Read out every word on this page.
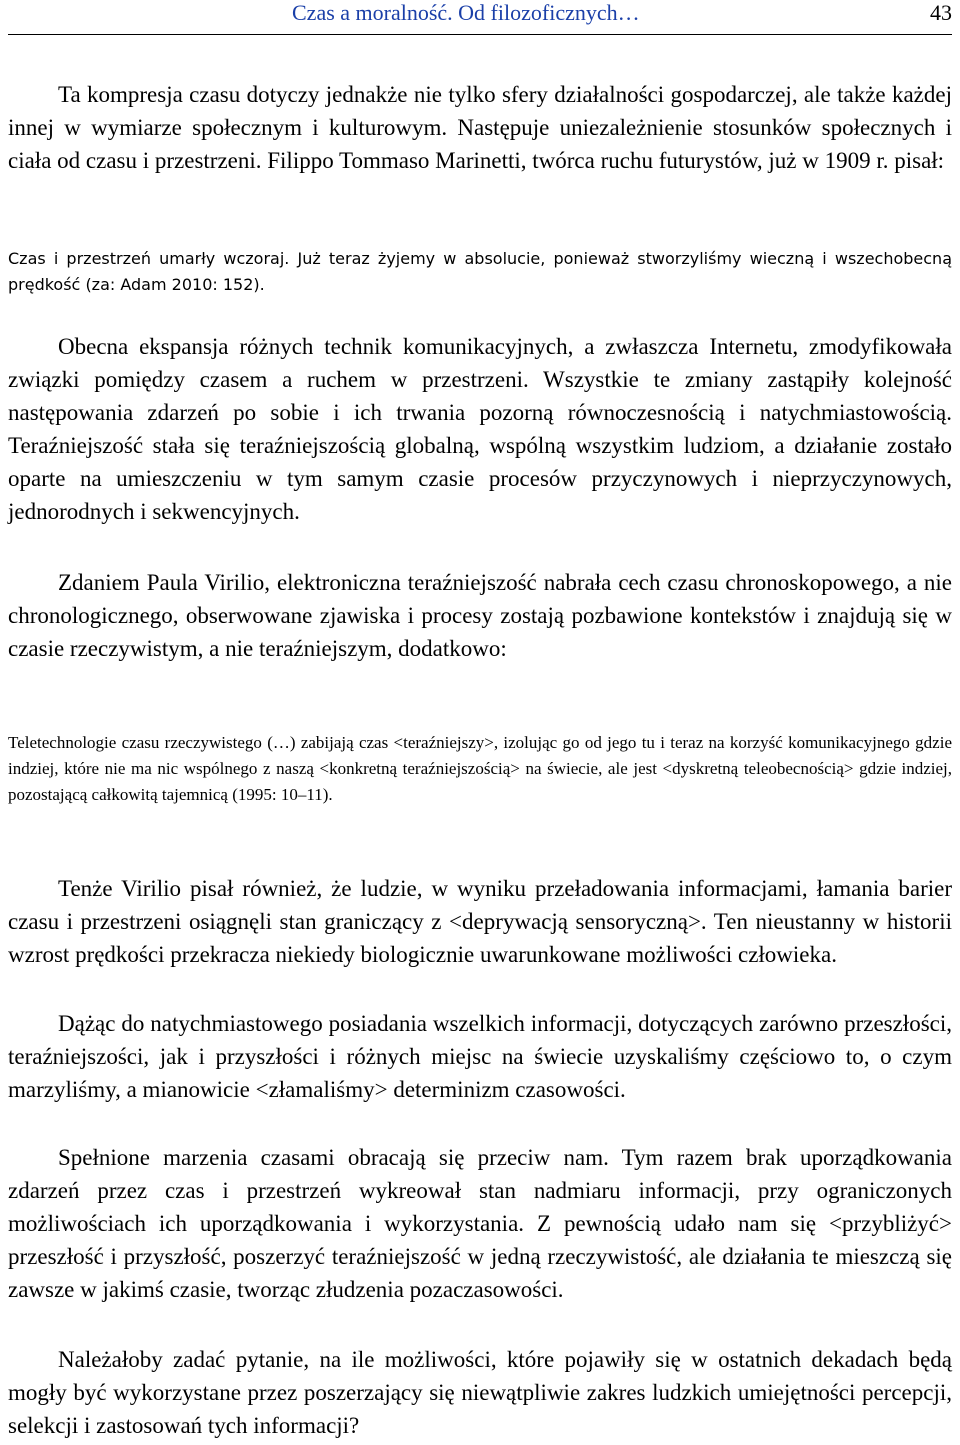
Czas a moralność. Od filozoficznych…	43

Ta kompresja czasu dotyczy jednakże nie tylko sfery działalności gospodarczej, ale także każdej innej w wymiarze społecznym i kulturowym. Następuje uniezależnienie stosunków społecznych i ciała od czasu i przestrzeni. Filippo Tommaso Marinetti, twórca ruchu futurystów, już w 1909 r. pisał:

Czas i przestrzeń umarły wczoraj. Już teraz żyjemy w absolucie, ponieważ stworzyliśmy wieczną i wszechobecną prędkość (za: Adam 2010: 152).

Obecna ekspansja różnych technik komunikacyjnych, a zwłaszcza Internetu, zmodyfikowała związki pomiędzy czasem a ruchem w przestrzeni. Wszystkie te zmiany zastąpiły kolejność następowania zdarzeń po sobie i ich trwania pozorną równoczesnością i natychmiastowością. Teraźniejszość stała się teraźniejszością globalną, wspólną wszystkim ludziom, a działanie zostało oparte na umieszczeniu w tym samym czasie procesów przyczynowych i nieprzyczynowych, jednorodnych i sekwencyjnych.

Zdaniem Paula Virilio, elektroniczna teraźniejszość nabrała cech czasu chronoskopowego, a nie chronologicznego, obserwowane zjawiska i procesy zostają pozbawione kontekstów i znajdują się w czasie rzeczywistym, a nie teraźniejszym, dodatkowo:

Teletechnologie czasu rzeczywistego (…) zabijają czas <teraźniejszy>, izolując go od jego tu i teraz na korzyść komunikacyjnego gdzie indziej, które nie ma nic wspólnego z naszą <konkretną teraźniejszością> na świecie, ale jest <dyskretną teleobecnością> gdzie indziej, pozostającą całkowitą tajemnicą (1995: 10–11).

Tenże Virilio pisał również, że ludzie, w wyniku przeładowania informacjami, łamania barier czasu i przestrzeni osiągnęli stan graniczący z <deprywacją sensoryczną>. Ten nieustanny w historii wzrost prędkości przekracza niekiedy biologicznie uwarunkowane możliwości człowieka.

Dążąc do natychmiastowego posiadania wszelkich informacji, dotyczących zarówno przeszłości, teraźniejszości, jak i przyszłości i różnych miejsc na świecie uzyskaliśmy częściowo to, o czym marzyliśmy, a mianowicie <złamaliśmy> determinizm czasowości.

Spełnione marzenia czasami obracają się przeciw nam. Tym razem brak uporządkowania zdarzeń przez czas i przestrzeń wykreował stan nadmiaru informacji, przy ograniczonych możliwościach ich uporządkowania i wykorzystania. Z pewnością udało nam się <przybliżyć> przeszłość i przyszłość, poszerzyć teraźniejszość w jedną rzeczywistość, ale działania te mieszczą się zawsze w jakimś czasie, tworząc złudzenia pozaczasowości.

Należałoby zadać pytanie, na ile możliwości, które pojawiły się w ostatnich dekadach będą mogły być wykorzystane przez poszerzający się niewątpliwie zakres ludzkich umiejętności percepcji, selekcji i zastosowań tych informacji?
